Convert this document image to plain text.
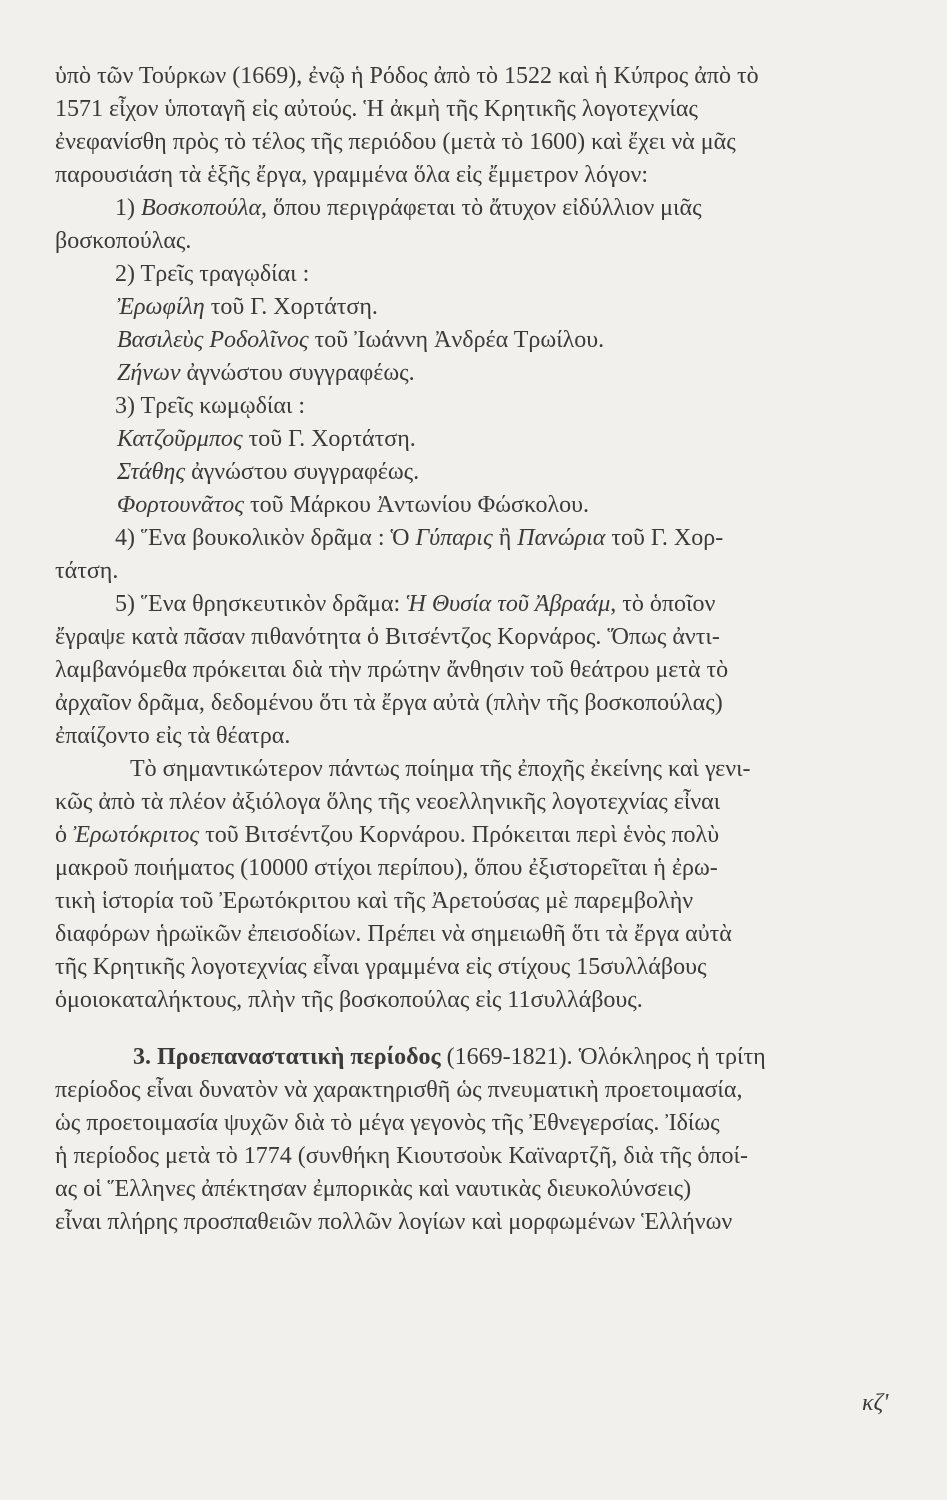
ὑπὸ τῶν Τούρκων (1669), ἐνῷ ἡ Ρόδος ἀπὸ τὸ 1522 καὶ ἡ Κύπρος ἀπὸ τὸ
1571 εἶχον ὑποταγῆ εἰς αὐτούς. Ἡ ἀκμὴ τῆς Κρητικῆς λογοτεχνίας
ἐνεφανίσθη πρὸς τὸ τέλος τῆς περιόδου (μετὰ τὸ 1600) καὶ ἔχει νὰ μᾶς
παρουσιάση τὰ ἑξῆς ἔργα, γραμμένα ὅλα εἰς ἔμμετρον λόγον:
1) Βοσκοπούλα, ὅπου περιγράφεται τὸ ἄτυχον εἰδύλλιον μιᾶς
βοσκοπούλας.
2) Τρεῖς τραγῳδίαι :
Ἐρωφίλη τοῦ Γ. Χορτάτση.
Βασιλεὺς Ροδολῖνος τοῦ Ἰωάννη Ἀνδρέα Τρωίλου.
Ζήνων ἀγνώστου συγγραφέως.
3) Τρεῖς κωμῳδίαι :
Κατζοῦρμπος τοῦ Γ. Χορτάτση.
Στάθης ἀγνώστου συγγραφέως.
Φορτουνᾶτος τοῦ Μάρκου Ἀντωνίου Φώσκολου.
4) Ἕνα βουκολικὸν δρᾶμα : Ὁ Γύπαρις ἢ Πανώρια τοῦ Γ. Χορ-
τάτση.
5) Ἕνα θρησκευτικὸν δρᾶμα: Ἡ Θυσία τοῦ Ἀβραάμ, τὸ ὁποῖον
ἔγραψε κατὰ πᾶσαν πιθανότητα ὁ Βιτσέντζος Κορνάρος. Ὅπως ἀντι-
λαμβανόμεθα πρόκειται διὰ τὴν πρώτην ἄνθησιν τοῦ θεάτρου μετὰ τὸ
ἀρχαῖον δρᾶμα, δεδομένου ὅτι τὰ ἔργα αὐτὰ (πλὴν τῆς βοσκοπούλας)
ἐπαίζοντο εἰς τὰ θέατρα.
Τὸ σημαντικώτερον πάντως ποίημα τῆς ἐποχῆς ἐκείνης καὶ γενι-
κῶς ἀπὸ τὰ πλέον ἀξιόλογα ὅλης τῆς νεοελληνικῆς λογοτεχνίας εἶναι
ὁ Ἐρωτόκριτος τοῦ Βιτσέντζου Κορνάρου. Πρόκειται περὶ ἑνὸς πολὺ
μακροῦ ποιήματος (10000 στίχοι περίπου), ὅπου ἐξιστορεῖται ἡ ἐρω-
τικὴ ἱστορία τοῦ Ἐρωτόκριτου καὶ τῆς Ἀρετούσας μὲ παρεμβολὴν
διαφόρων ἡρωϊκῶν ἐπεισοδίων. Πρέπει νὰ σημειωθῆ ὅτι τὰ ἔργα αὐτὰ
τῆς Κρητικῆς λογοτεχνίας εἶναι γραμμένα εἰς στίχους 15συλλάβους
ὁμοιοκαταλήκτους, πλὴν τῆς βοσκοπούλας εἰς 11συλλάβους.
3. Προεπαναστατικὴ περίοδος (1669-1821). Ὁλόκληρος ἡ τρίτη
περίοδος εἶναι δυνατὸν νὰ χαρακτηρισθῆ ὡς πνευματικὴ προετοιμασία,
ὡς προετοιμασία ψυχῶν διὰ τὸ μέγα γεγονὸς τῆς Ἐθνεγερσίας. Ἰδίως
ἡ περίοδος μετὰ τὸ 1774 (συνθήκη Κιουτσοὺκ Καϊναρτζῆ, διὰ τῆς ὁποί-
ας οἱ Ἕλληνες ἀπέκτησαν ἐμπορικὰς καὶ ναυτικὰς διευκολύνσεις)
εἶναι πλήρης προσπαθειῶν πολλῶν λογίων καὶ μορφωμένων Ἑλλήνων
κζ'
